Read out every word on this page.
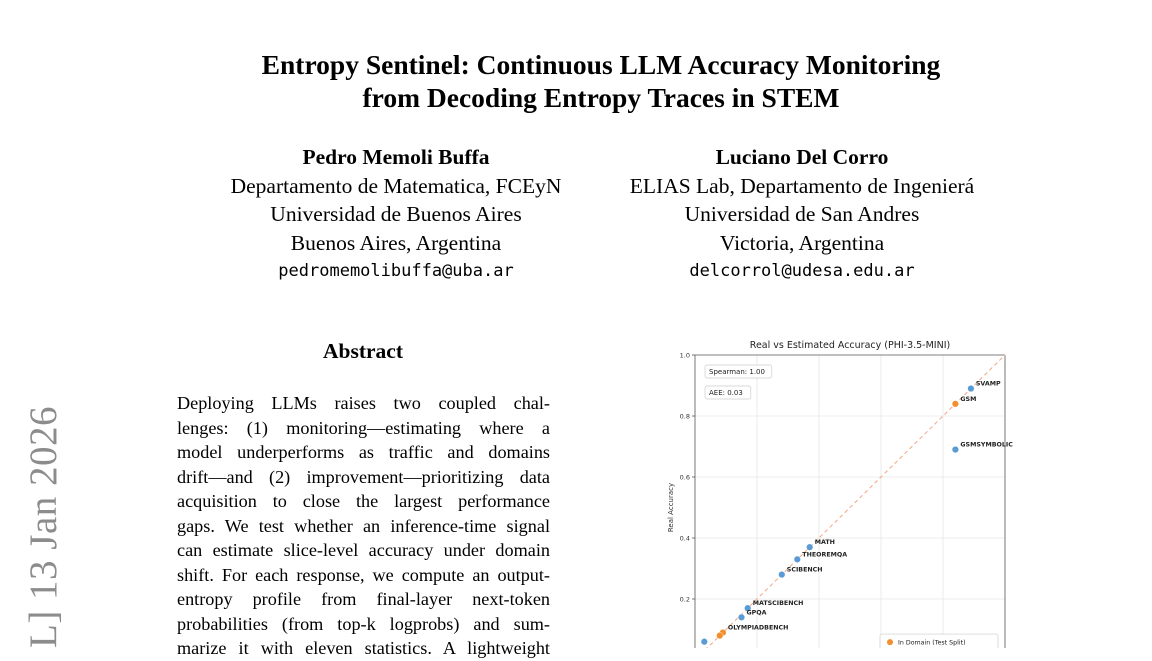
Entropy Sentinel: Continuous LLM Accuracy Monitoring
from Decoding Entropy Traces in STEM
Pedro Memoli Buffa
Departamento de Matematica, FCEyN
Universidad de Buenos Aires
Buenos Aires, Argentina
pedromemolibuffa@uba.ar
Luciano Del Corro
ELIAS Lab, Departamento de Ingenierá
Universidad de San Andres
Victoria, Argentina
delcorrol@udesa.edu.ar
L] 13 Jan 2026
Abstract
Deploying LLMs raises two coupled chal-
lenges: (1) monitoring—estimating where a
model underperforms as traffic and domains
drift—and (2) improvement—prioritizing data
acquisition to close the largest performance
gaps. We test whether an inference-time signal
can estimate slice-level accuracy under domain
shift. For each response, we compute an output-
entropy profile from final-layer next-token
probabilities (from top-k logprobs) and sum-
marize it with eleven statistics. A lightweight
Real vs Estimated Accuracy (PHI-3.5-MINI)
1.0
0.8
0.6
0.4
0.2
Real Accuracy
Spearman: 1.00
AEE: 0.03
SVAMP
GSM
GSMSYMBOLIC
MATH
THEOREMQA
SCIBENCH
MATSCIBENCH
GPQA
OLYMPIADBENCH
In Domain (Test Split)
